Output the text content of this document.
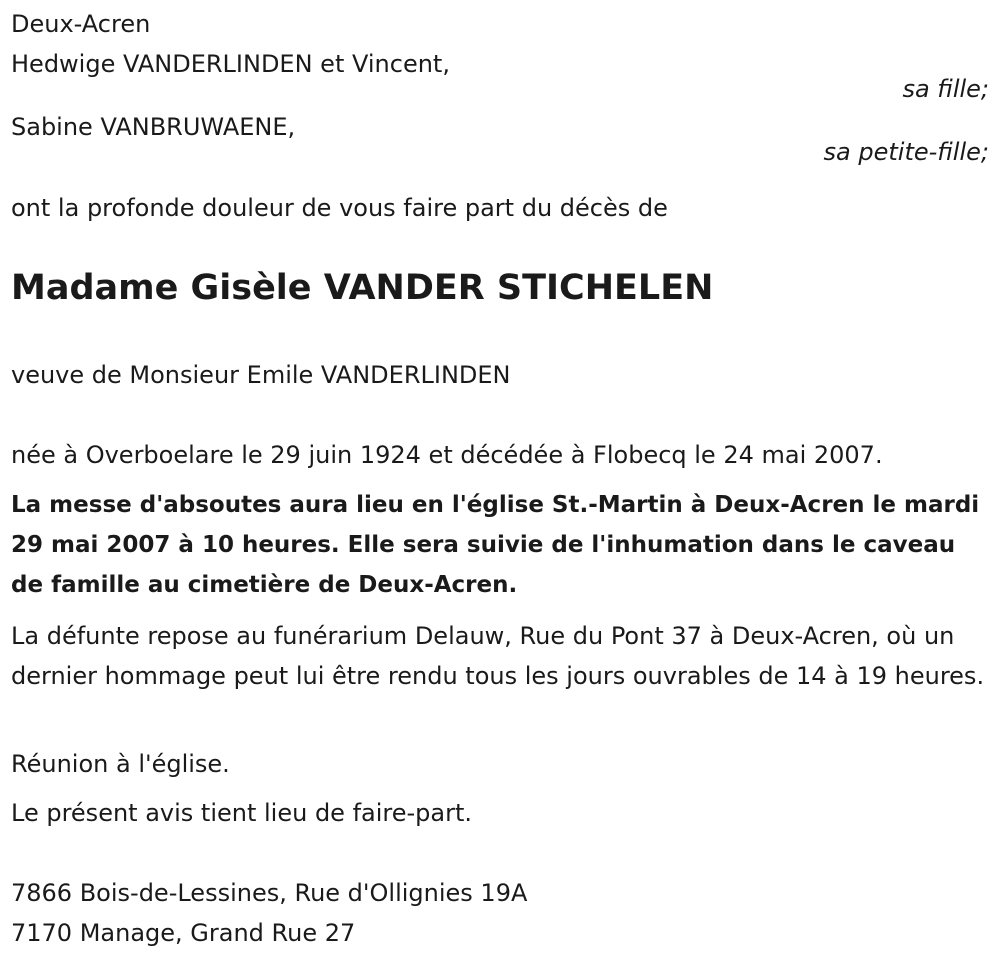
Deux-Acren
Hedwige VANDERLINDEN et Vincent,
sa fille;
Sabine VANBRUWAENE,
sa petite-fille;
ont la profonde douleur de vous faire part du décès de
Madame Gisèle VANDER STICHELEN
veuve de Monsieur Emile VANDERLINDEN
née à Overboelare le 29 juin 1924 et décédée à Flobecq le 24 mai 2007.
La messe d'absoutes aura lieu en l'église St.-Martin à Deux-Acren le mardi 29 mai 2007 à 10 heures. Elle sera suivie de l'inhumation dans le caveau de famille au cimetière de Deux-Acren.
La défunte repose au funérarium Delauw, Rue du Pont 37 à Deux-Acren, où un dernier hommage peut lui être rendu tous les jours ouvrables de 14 à 19 heures.
Réunion à l'église.
Le présent avis tient lieu de faire-part.
7866 Bois-de-Lessines, Rue d'Ollignies 19A
7170 Manage, Grand Rue 27
